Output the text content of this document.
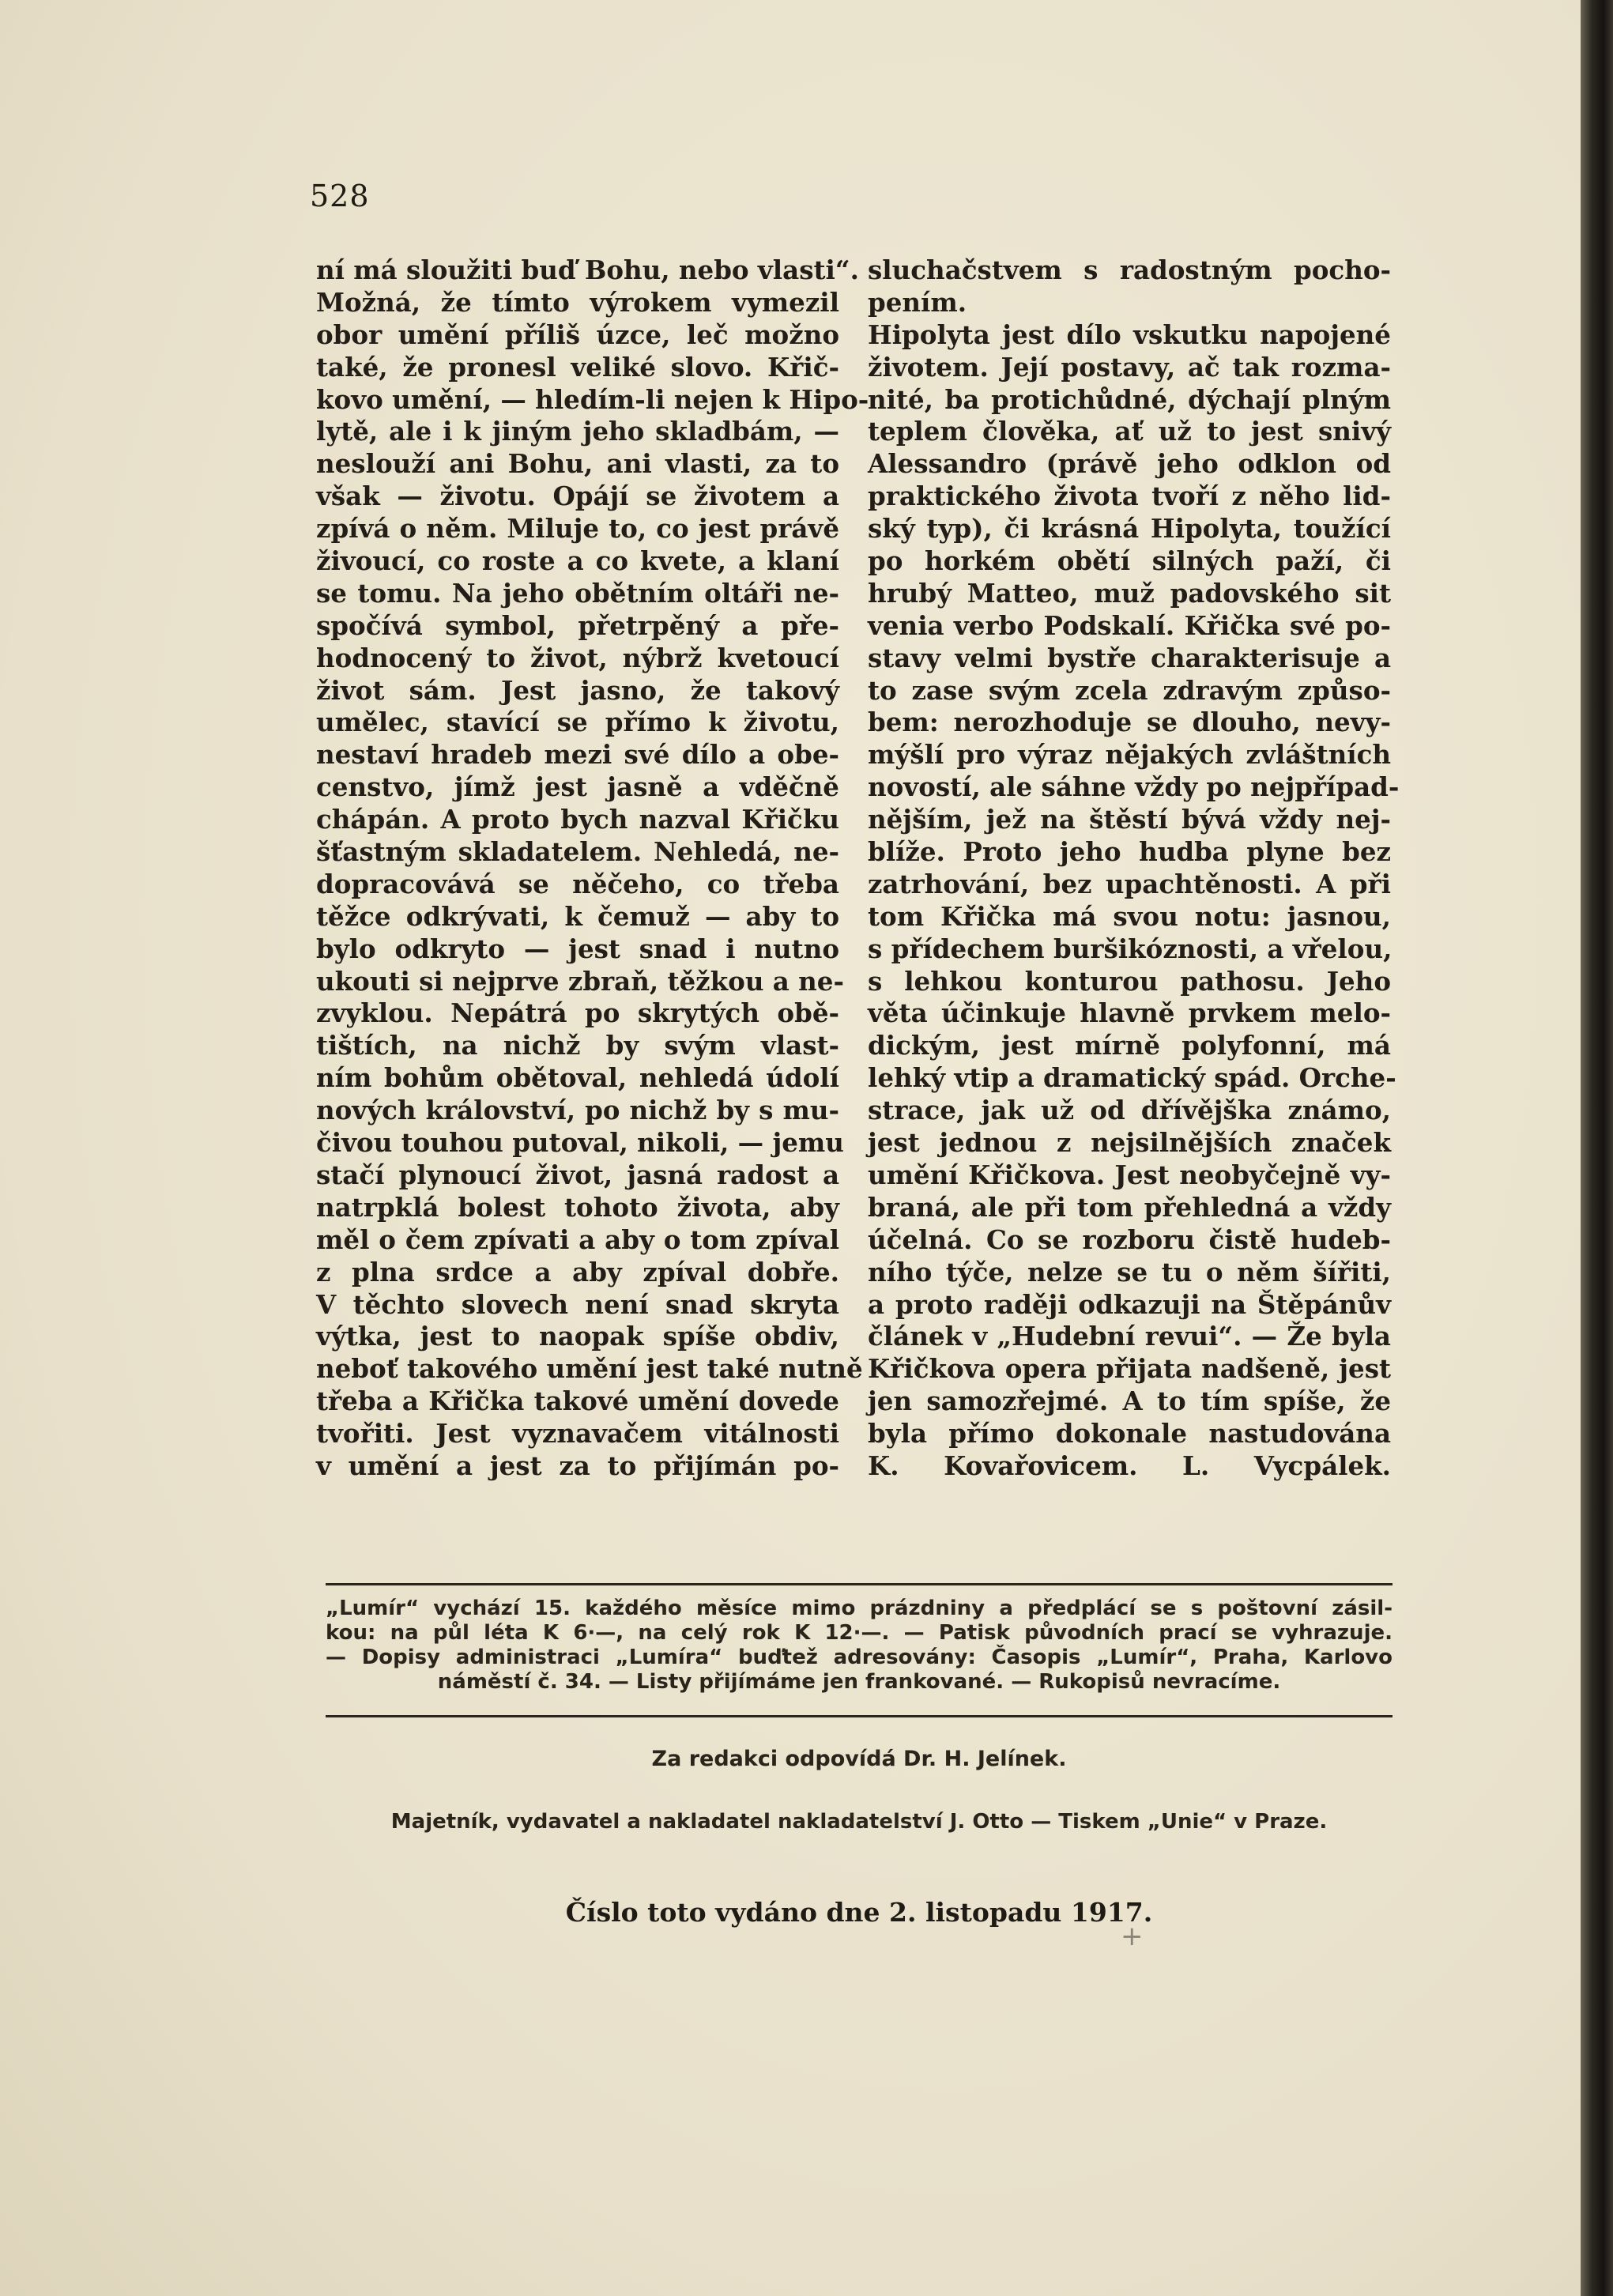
528
ní má sloužiti buď Bohu, nebo vlasti“.
Možná, že tímto výrokem vymezil
obor umění příliš úzce, leč možno
také, že pronesl veliké slovo. Křič-
kovo umění, — hledím-li nejen k Hipo-
lytě, ale i k jiným jeho skladbám, —
neslouží ani Bohu, ani vlasti, za to
však — životu. Opájí se životem a
zpívá o něm. Miluje to, co jest právě
živoucí, co roste a co kvete, a klaní
se tomu. Na jeho obětním oltáři ne-
spočívá symbol, přetrpěný a pře-
hodnocený to život, nýbrž kvetoucí
život sám. Jest jasno, že takový
umělec, stavící se přímo k životu,
nestaví hradeb mezi své dílo a obe-
censtvo, jímž jest jasně a vděčně
chápán. A proto bych nazval Křičku
šťastným skladatelem. Nehledá, ne-
dopracovává se něčeho, co třeba
těžce odkrývati, k čemuž — aby to
bylo odkryto — jest snad i nutno
ukouti si nejprve zbraň, těžkou a ne-
zvyklou. Nepátrá po skrytých obě-
tištích, na nichž by svým vlast-
ním bohům obětoval, nehledá údolí
nových království, po nichž by s mu-
čivou touhou putoval, nikoli, — jemu
stačí plynoucí život, jasná radost a
natrpklá bolest tohoto života, aby
měl o čem zpívati a aby o tom zpíval
z plna srdce a aby zpíval dobře.
V těchto slovech není snad skryta
výtka, jest to naopak spíše obdiv,
neboť takového umění jest také nutně
třeba a Křička takové umění dovede
tvořiti. Jest vyznavačem vitálnosti
v umění a jest za to přijímán po-
sluchačstvem s radostným pocho-
pením.
Hipolyta jest dílo vskutku napojené
životem. Její postavy, ač tak rozma-
nité, ba protichůdné, dýchají plným
teplem člověka, ať už to jest snivý
Alessandro (právě jeho odklon od
praktického života tvoří z něho lid-
ský typ), či krásná Hipolyta, toužící
po horkém obětí silných paží, či
hrubý Matteo, muž padovského sit
venia verbo Podskalí. Křička své po-
stavy velmi bystře charakterisuje a
to zase svým zcela zdravým způso-
bem: nerozhoduje se dlouho, nevy-
mýšlí pro výraz nějakých zvláštních
novostí, ale sáhne vždy po nejpřípad-
nějším, jež na štěstí bývá vždy nej-
blíže. Proto jeho hudba plyne bez
zatrhování, bez upachtěnosti. A při
tom Křička má svou notu: jasnou,
s přídechem buršikóznosti, a vřelou,
s lehkou konturou pathosu. Jeho
věta účinkuje hlavně prvkem melo-
dickým, jest mírně polyfonní, má
lehký vtip a dramatický spád. Orche-
strace, jak už od dřívějška známo,
jest jednou z nejsilnějších značek
umění Křičkova. Jest neobyčejně vy-
braná, ale při tom přehledná a vždy
účelná. Co se rozboru čistě hudeb-
ního týče, nelze se tu o něm šířiti,
a proto raději odkazuji na Štěpánův
článek v „Hudební revui“. — Že byla
Křičkova opera přijata nadšeně, jest
jen samozřejmé. A to tím spíše, že
byla přímo dokonale nastudována
K. Kovařovicem. L. Vycpálek.
„Lumír“ vychází 15. každého měsíce mimo prázdniny a předplácí se s poštovní zásil-
kou: na půl léta K 6·—, na celý rok K 12·—. — Patisk původních prací se vyhrazuje.
— Dopisy administraci „Lumíra“ buďtež adresovány: Časopis „Lumír“, Praha, Karlovo
náměstí č. 34. — Listy přijímáme jen frankované. — Rukopisů nevracíme.
Za redakci odpovídá Dr. H. Jelínek.
Majetník, vydavatel a nakladatel nakladatelství J. Otto — Tiskem „Unie“ v Praze.
Číslo toto vydáno dne 2. listopadu 1917.
+
